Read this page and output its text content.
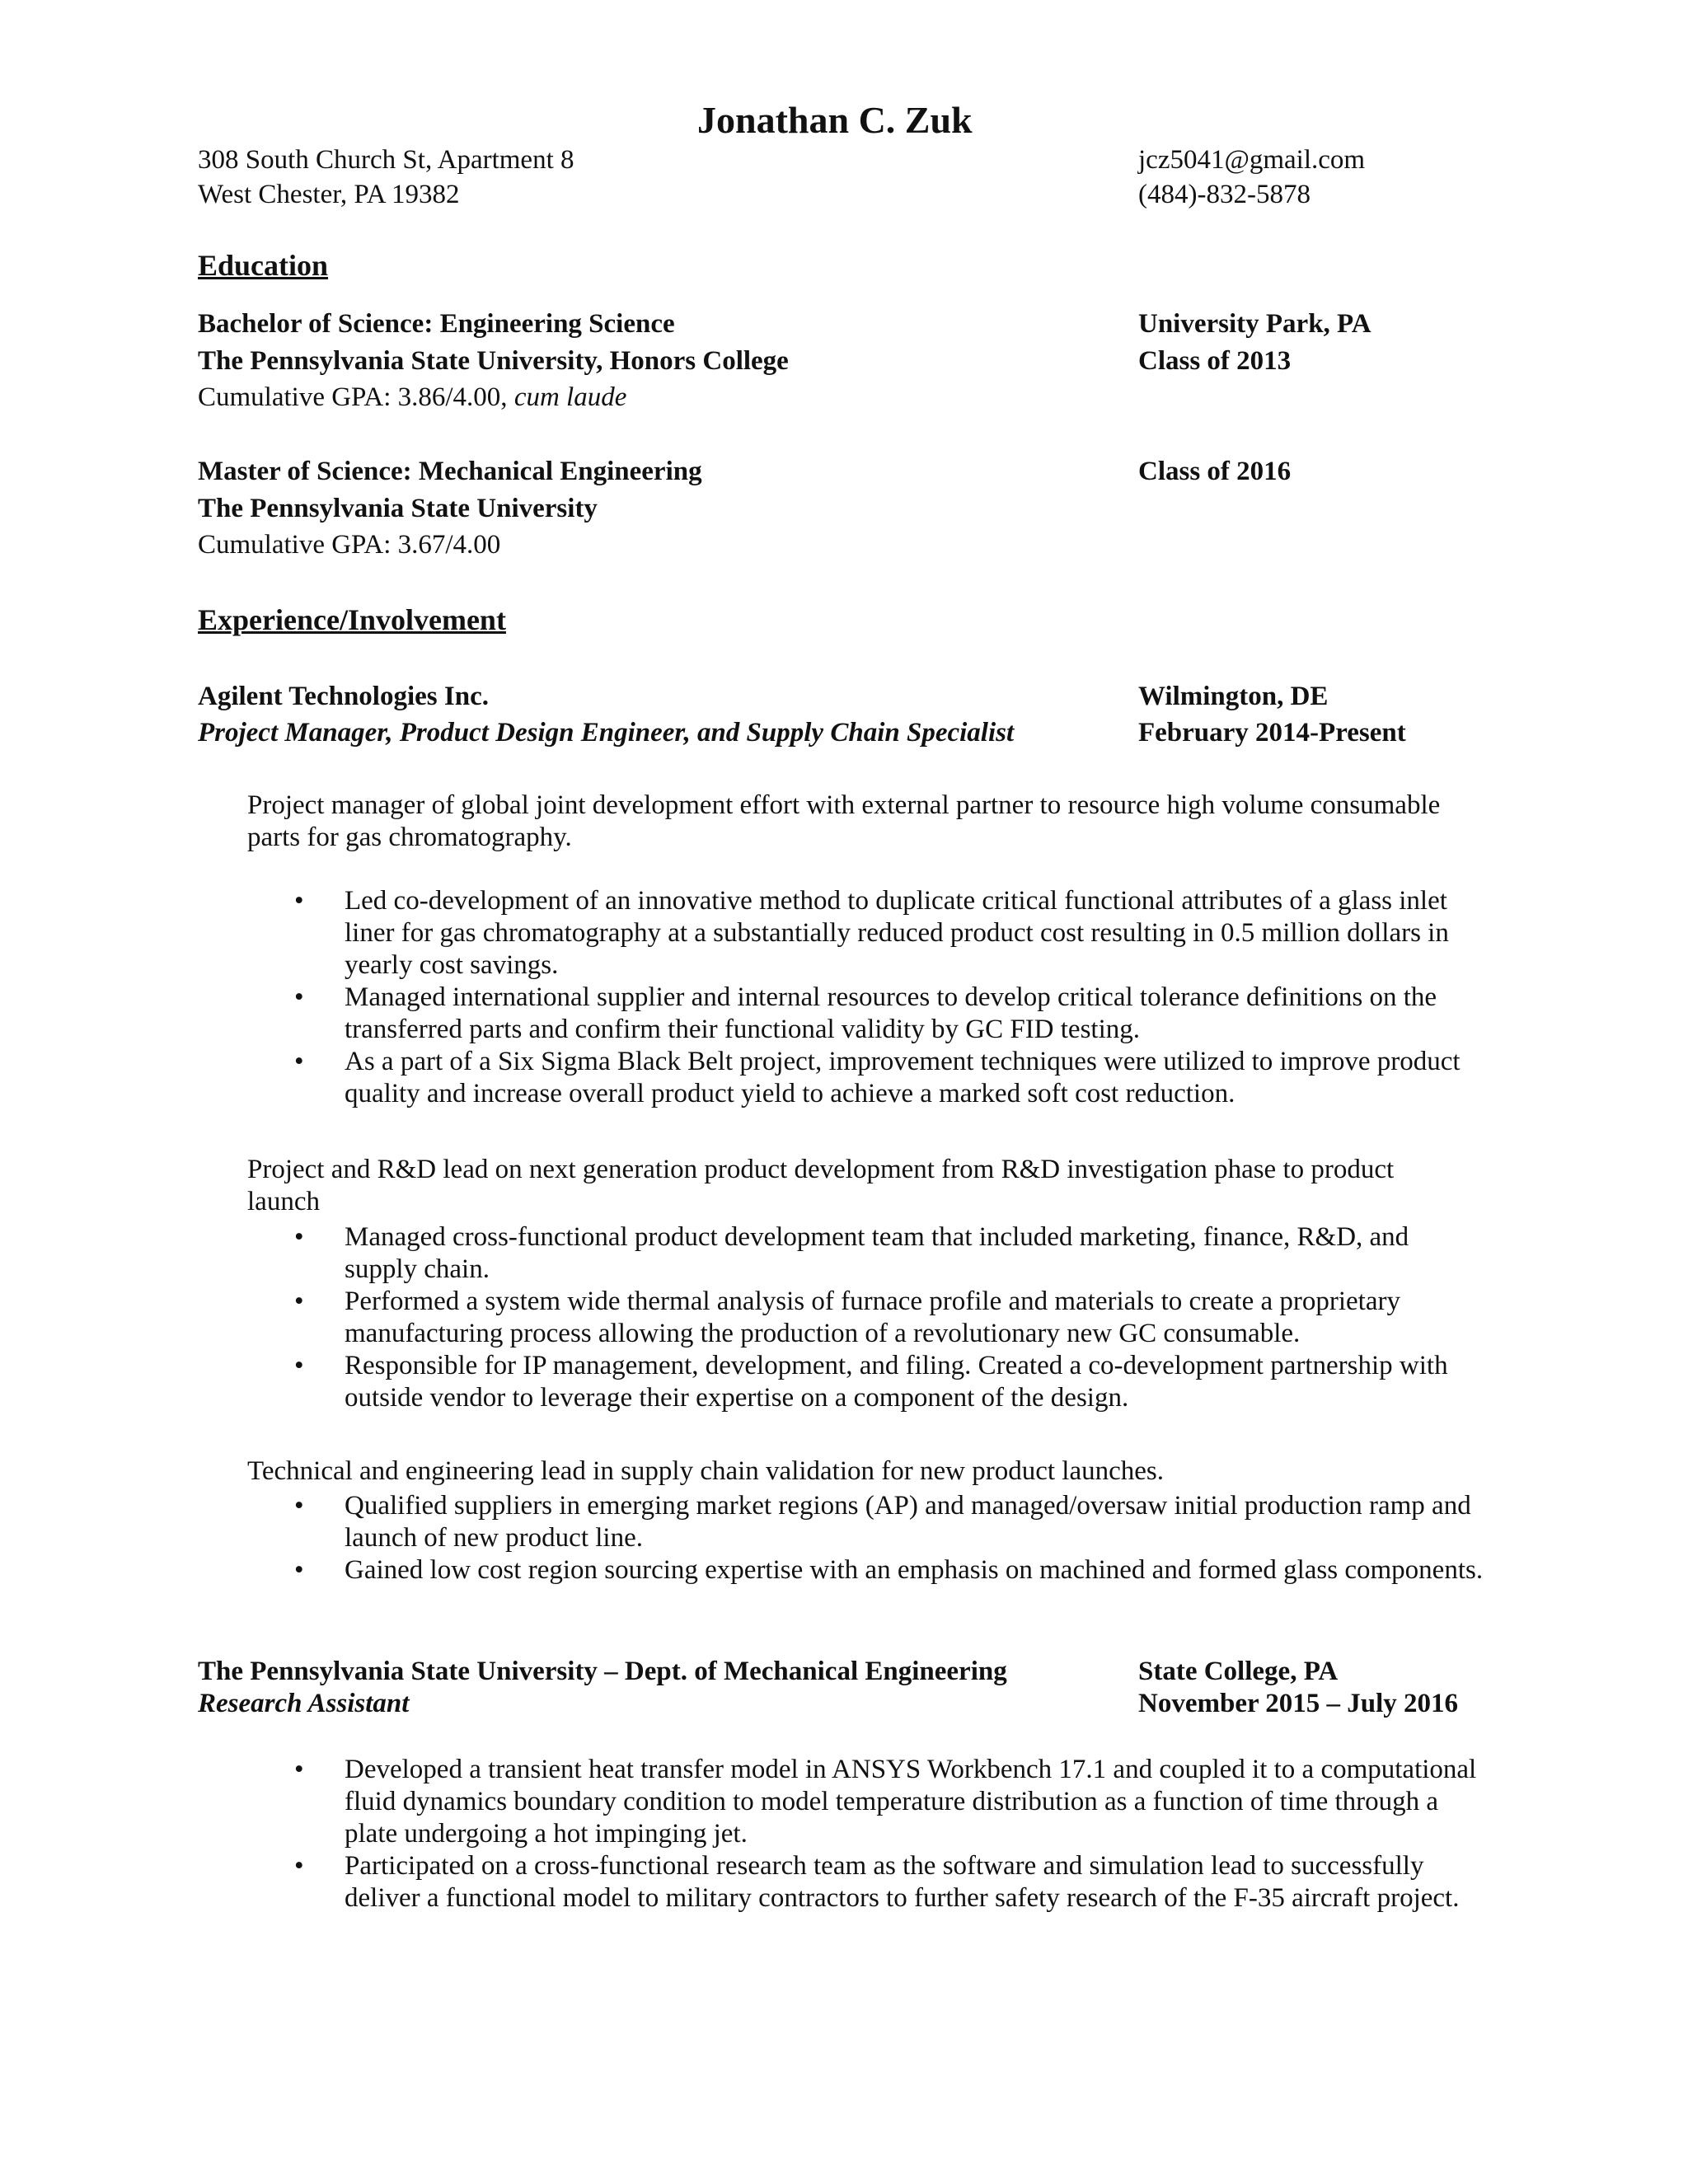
Jonathan C. Zuk
308 South Church St, Apartment 8
West Chester, PA 19382
jcz5041@gmail.com
(484)-832-5878
Education
Bachelor of Science: Engineering Science	University Park, PA
The Pennsylvania State University, Honors College	Class of 2013
Cumulative GPA: 3.86/4.00, cum laude
Master of Science: Mechanical Engineering	Class of 2016
The Pennsylvania State University
Cumulative GPA: 3.67/4.00
Experience/Involvement
Agilent Technologies Inc.	Wilmington, DE
Project Manager, Product Design Engineer, and Supply Chain Specialist	February 2014-Present
Project manager of global joint development effort with external partner to resource high volume consumable parts for gas chromatography.
• Led co-development of an innovative method to duplicate critical functional attributes of a glass inlet liner for gas chromatography at a substantially reduced product cost resulting in 0.5 million dollars in yearly cost savings.
• Managed international supplier and internal resources to develop critical tolerance definitions on the transferred parts and confirm their functional validity by GC FID testing.
• As a part of a Six Sigma Black Belt project, improvement techniques were utilized to improve product quality and increase overall product yield to achieve a marked soft cost reduction.
Project and R&D lead on next generation product development from R&D investigation phase to product launch
• Managed cross-functional product development team that included marketing, finance, R&D, and supply chain.
• Performed a system wide thermal analysis of furnace profile and materials to create a proprietary manufacturing process allowing the production of a revolutionary new GC consumable.
• Responsible for IP management, development, and filing. Created a co-development partnership with outside vendor to leverage their expertise on a component of the design.
Technical and engineering lead in supply chain validation for new product launches.
• Qualified suppliers in emerging market regions (AP) and managed/oversaw initial production ramp and launch of new product line.
• Gained low cost region sourcing expertise with an emphasis on machined and formed glass components.
The Pennsylvania State University – Dept. of Mechanical Engineering	State College, PA
Research Assistant	November 2015 – July 2016
• Developed a transient heat transfer model in ANSYS Workbench 17.1 and coupled it to a computational fluid dynamics boundary condition to model temperature distribution as a function of time through a plate undergoing a hot impinging jet.
• Participated on a cross-functional research team as the software and simulation lead to successfully deliver a functional model to military contractors to further safety research of the F-35 aircraft project.
